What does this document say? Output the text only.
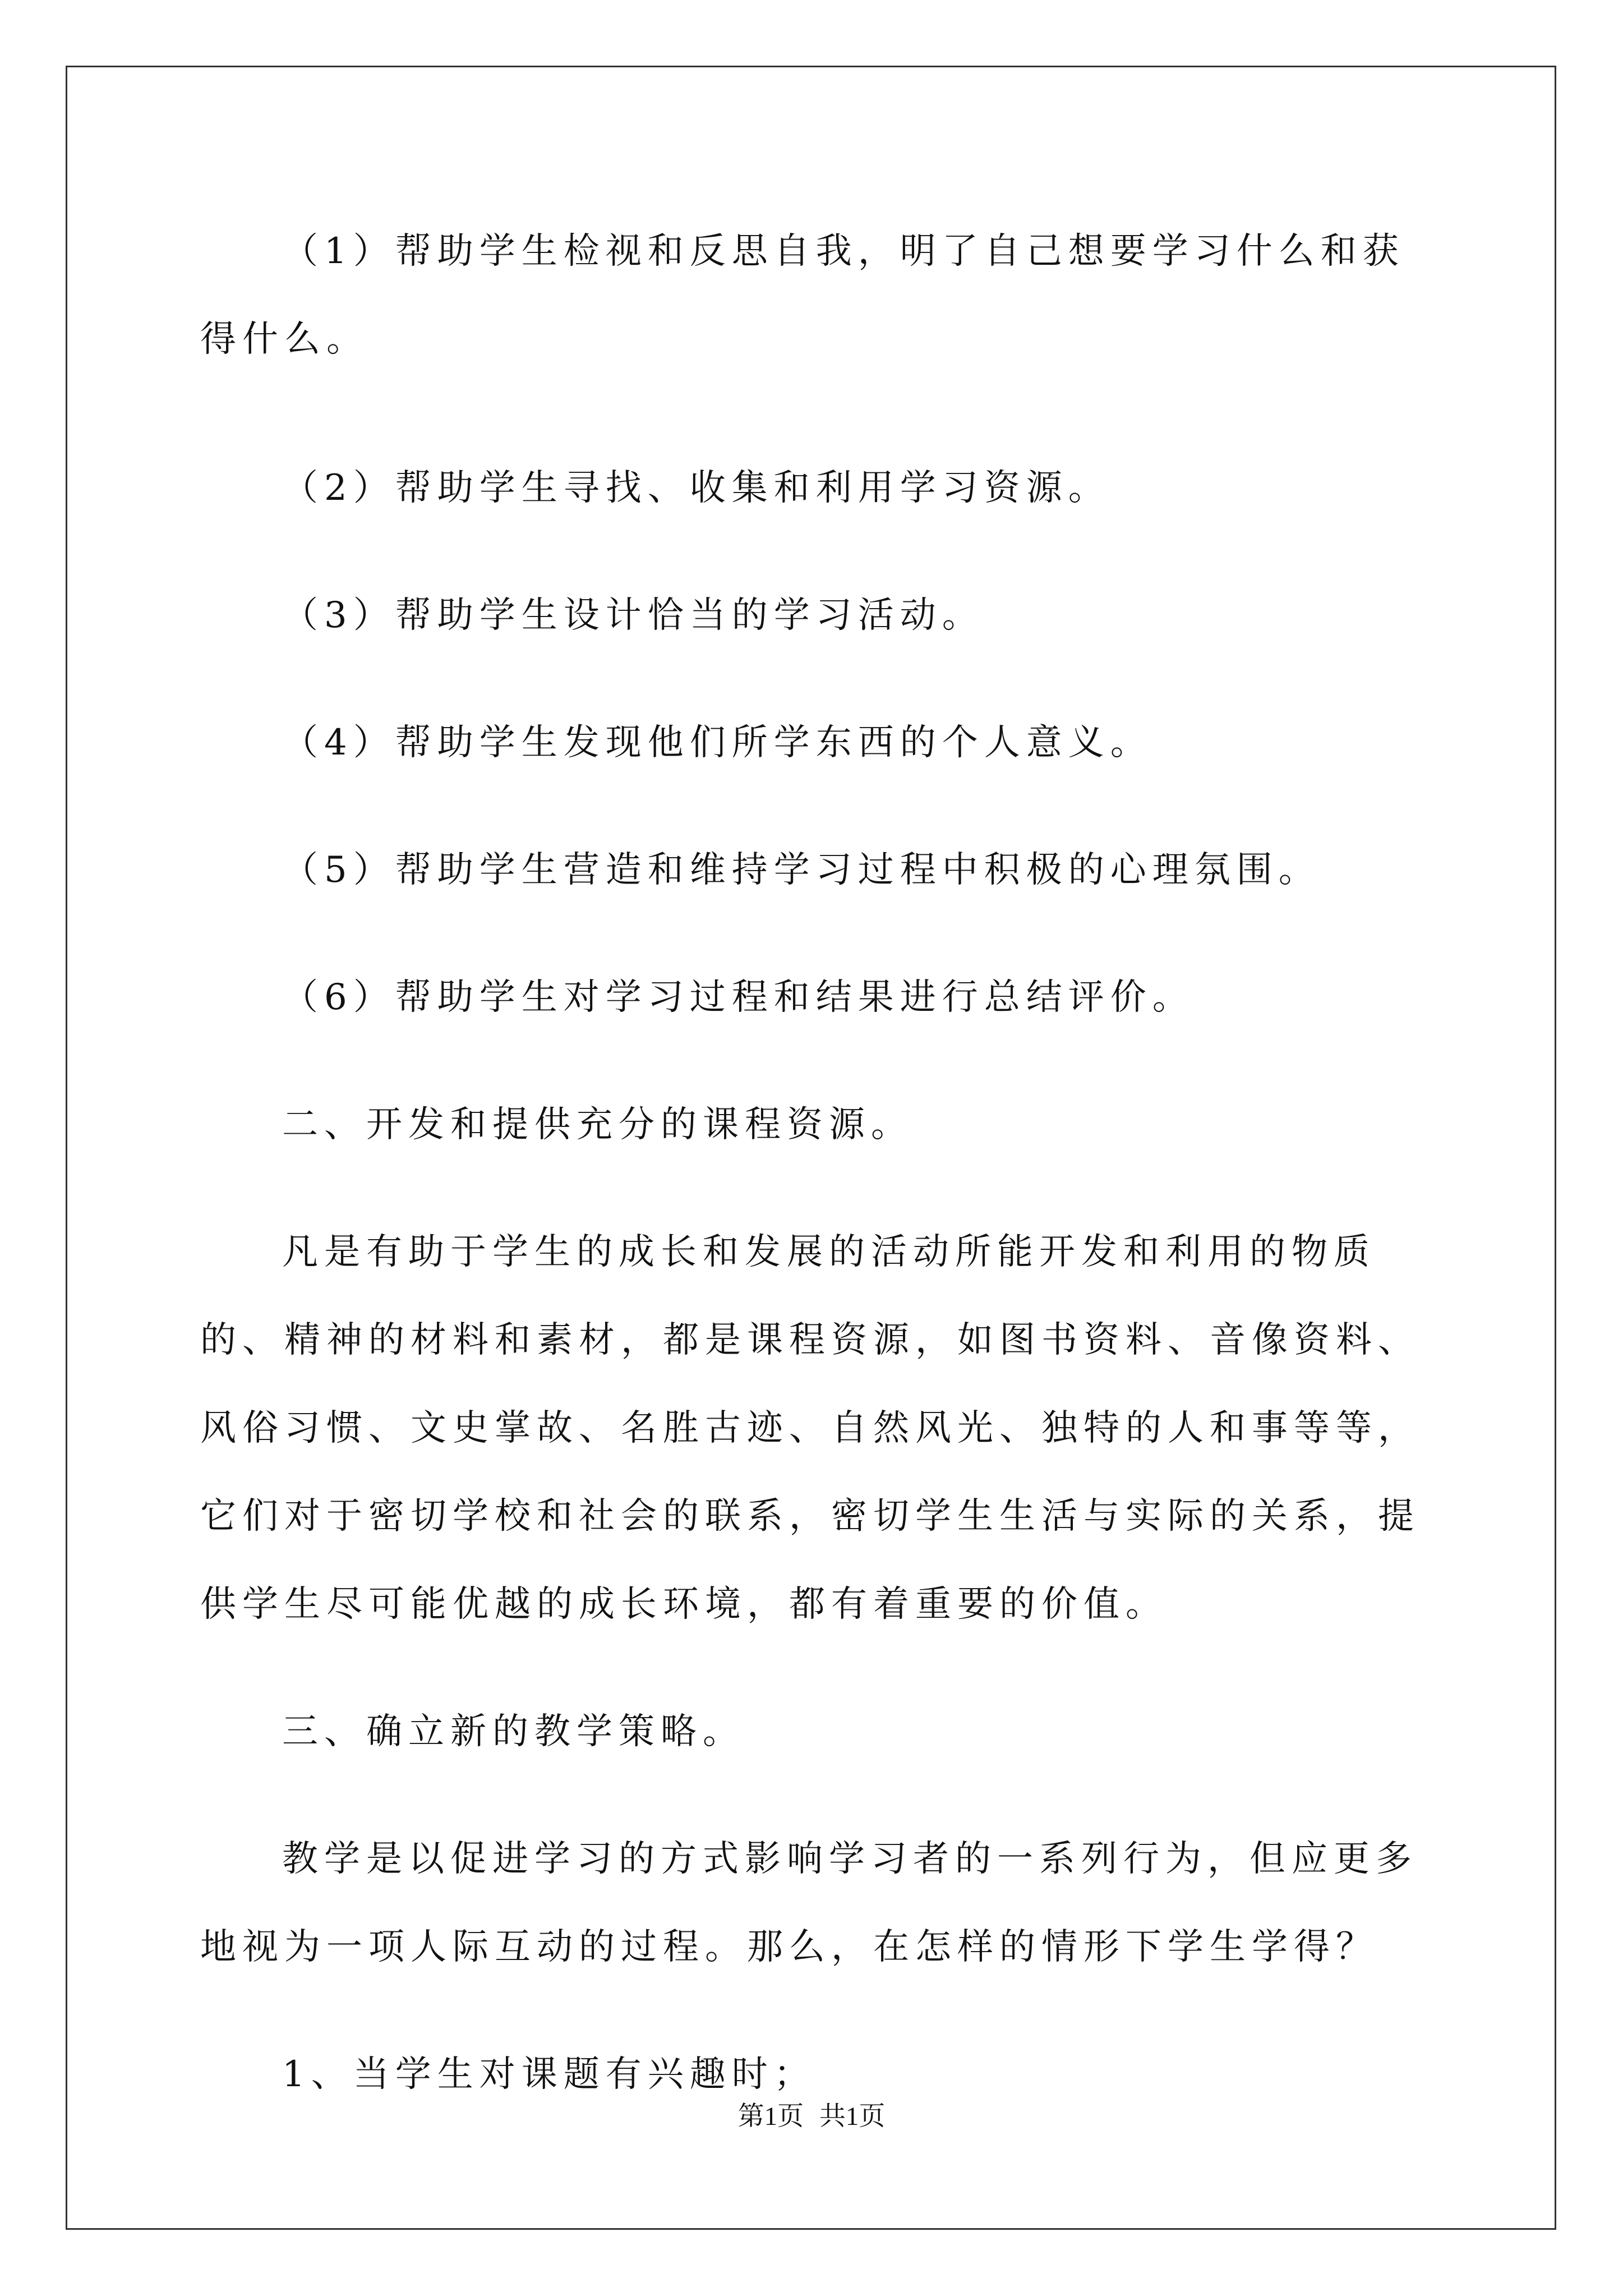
（1）帮助学生检视和反思自我，明了自己想要学习什么和获得什么。

（2）帮助学生寻找、收集和利用学习资源。

（3）帮助学生设计恰当的学习活动。

（4）帮助学生发现他们所学东西的个人意义。

（5）帮助学生营造和维持学习过程中积极的心理氛围。

（6）帮助学生对学习过程和结果进行总结评价。

二、开发和提供充分的课程资源。

凡是有助于学生的成长和发展的活动所能开发和利用的物质的、精神的材料和素材，都是课程资源，如图书资料、音像资料、风俗习惯、文史掌故、名胜古迹、自然风光、独特的人和事等等，它们对于密切学校和社会的联系，密切学生生活与实际的关系，提供学生尽可能优越的成长环境，都有着重要的价值。

三、确立新的教学策略。

教学是以促进学习的方式影响学习者的一系列行为，但应更多地视为一项人际互动的过程。那么，在怎样的情形下学生学得？

1、当学生对课题有兴趣时；

第1页 共1页
